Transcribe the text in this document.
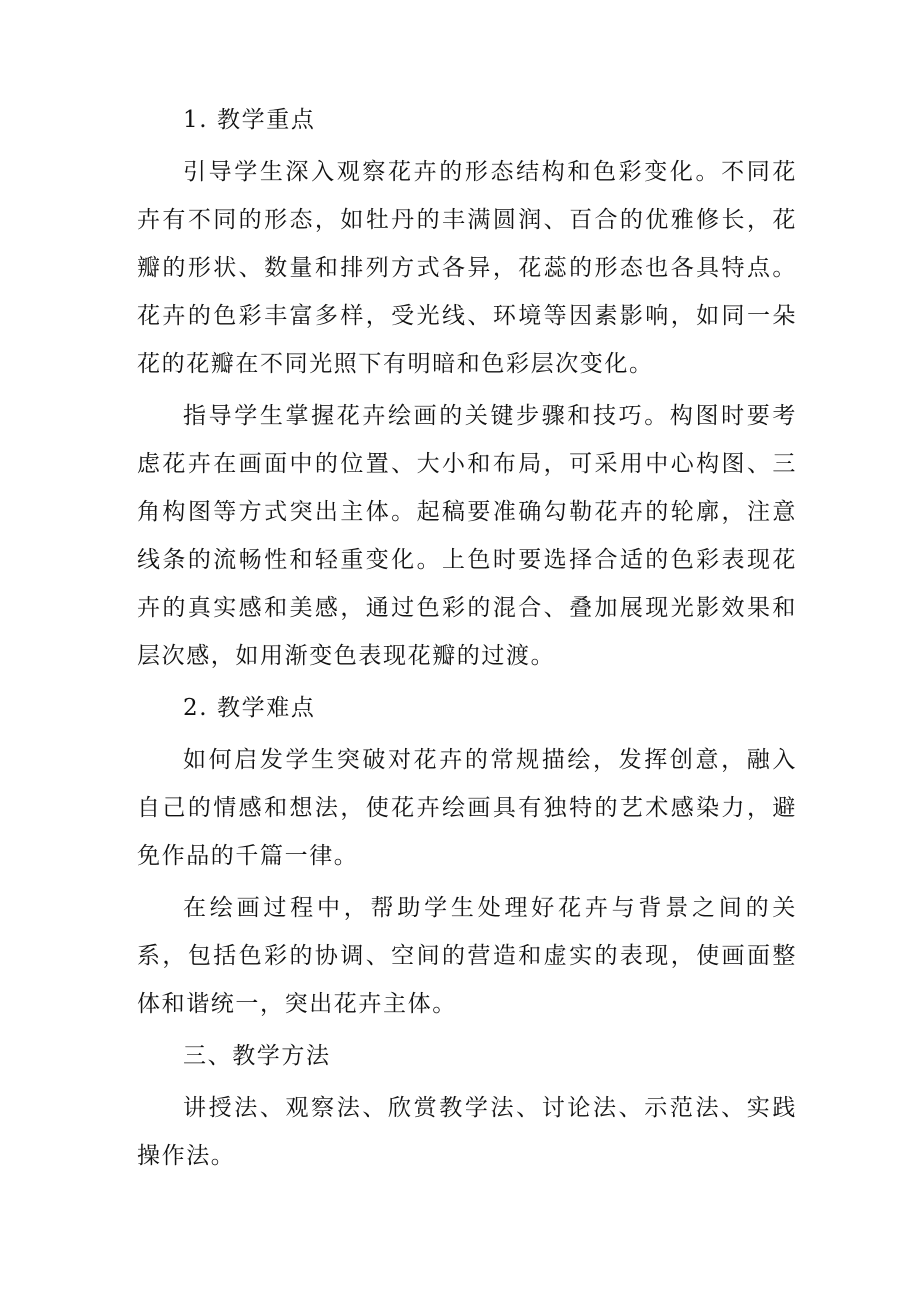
1. 教学重点

引导学生深入观察花卉的形态结构和色彩变化。不同花卉有不同的形态，如牡丹的丰满圆润、百合的优雅修长，花瓣的形状、数量和排列方式各异，花蕊的形态也各具特点。花卉的色彩丰富多样，受光线、环境等因素影响，如同一朵花的花瓣在不同光照下有明暗和色彩层次变化。

指导学生掌握花卉绘画的关键步骤和技巧。构图时要考虑花卉在画面中的位置、大小和布局，可采用中心构图、三角构图等方式突出主体。起稿要准确勾勒花卉的轮廓，注意线条的流畅性和轻重变化。上色时要选择合适的色彩表现花卉的真实感和美感，通过色彩的混合、叠加展现光影效果和层次感，如用渐变色表现花瓣的过渡。

2. 教学难点

如何启发学生突破对花卉的常规描绘，发挥创意，融入自己的情感和想法，使花卉绘画具有独特的艺术感染力，避免作品的千篇一律。

在绘画过程中，帮助学生处理好花卉与背景之间的关系，包括色彩的协调、空间的营造和虚实的表现，使画面整体和谐统一，突出花卉主体。

三、教学方法

讲授法、观察法、欣赏教学法、讨论法、示范法、实践操作法。
